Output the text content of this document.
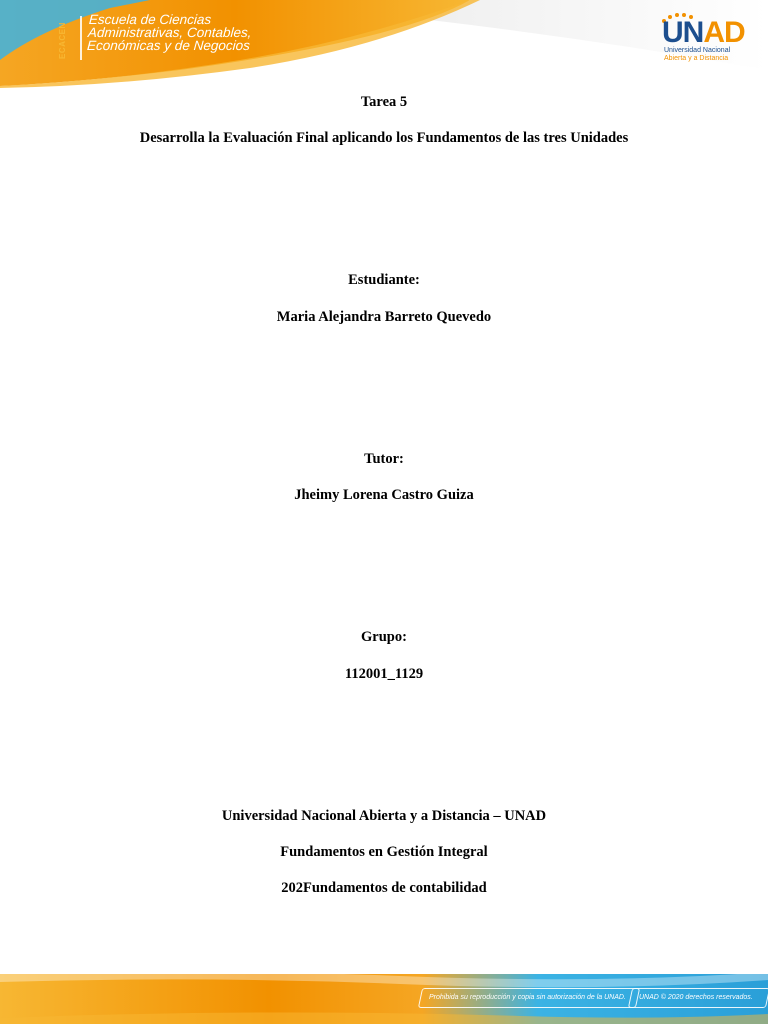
ECACEN
Escuela de Ciencias
Administrativas, Contables,
Económicas y de Negocios	UNAD
Universidad Nacional
Abierta y a Distancia
Tarea 5
Desarrolla la Evaluación Final aplicando los Fundamentos de las tres Unidades
Estudiante:
Maria Alejandra Barreto Quevedo
Tutor:
Jheimy Lorena Castro Guiza
Grupo:
112001_1129
Universidad Nacional Abierta y a Distancia – UNAD
Fundamentos en Gestión Integral
202Fundamentos de contabilidad
Prohibida su reproducción y copia sin autorización de la UNAD.	UNAD © 2020 derechos reservados.
